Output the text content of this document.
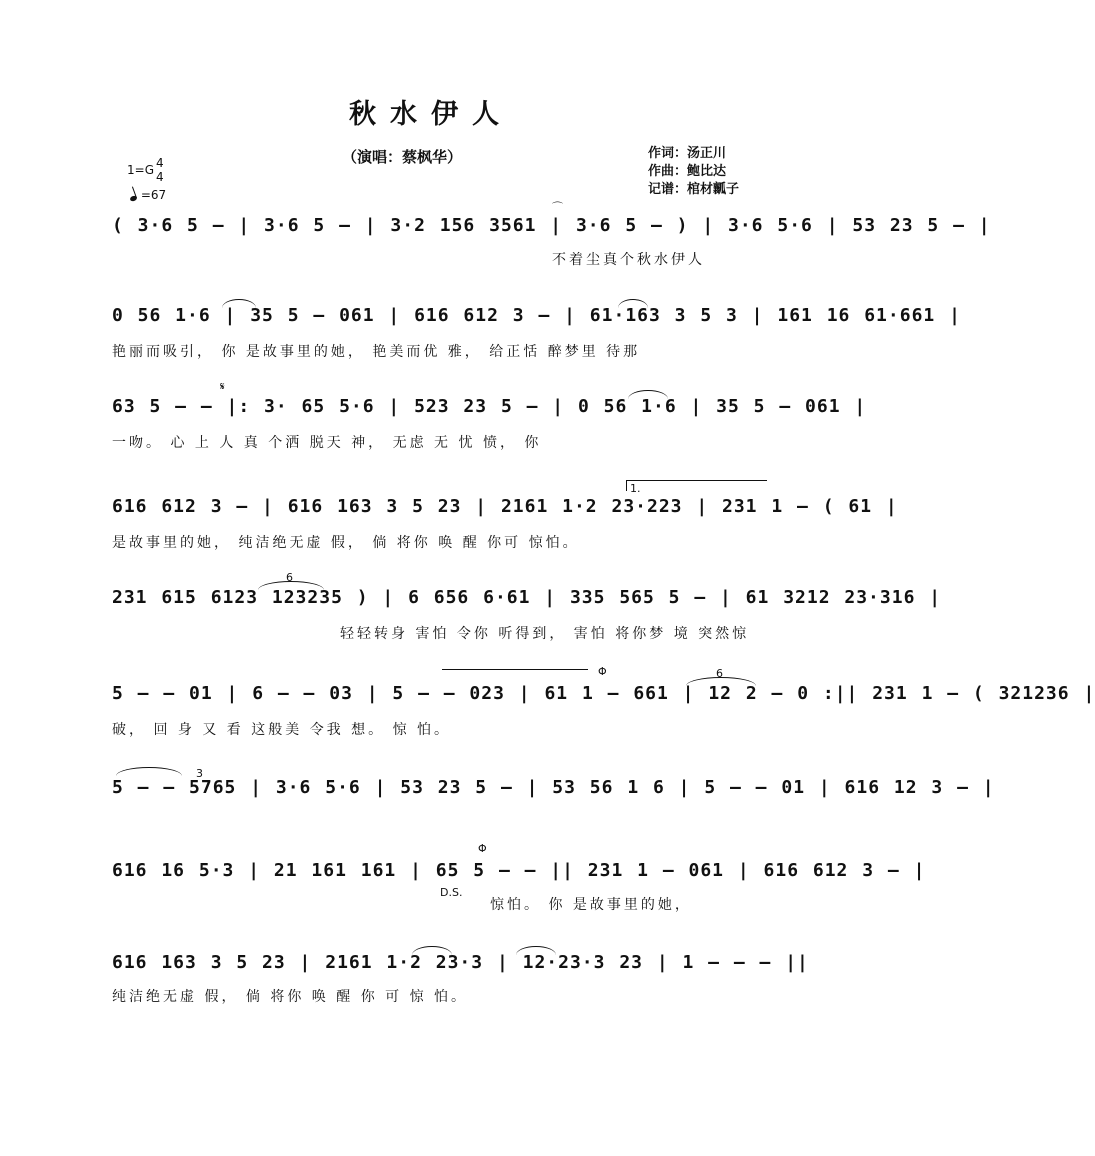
秋水伊人
（演唱：蔡枫华）	作词：汤正川
作曲：鲍比达
记谱：棺材瓤子
1=G 4
4
=67
( 3·6 5 – | 3·6 5 – | 3·2 156 3561 | 3·6 5 – ) | 3·6 5·6 | 53 23 5 – |
不着尘真个秋水伊人
⌒
0 56 1·6 | 35 5 – 061 | 616 612 3 – | 61·163 3 5 3 | 161 16 61·661 |
艳丽而吸引， 你 是故事里的她， 艳美而优 雅， 给正恬 醉梦里 待那
63 5 – – |: 3· 65 5·6 | 523 23 5 – | 0 56 1·6 | 35 5 – 061 |
一吻。 心 上 人 真 个洒 脱天 神， 无虑 无 忧 愤， 你
𝄋
616 612 3 – | 616 163 3 5 23 | 2161 1·2 23·223 | 231 1 – ( 61 |
是故事里的她， 纯洁绝无虚 假， 倘 将你 唤 醒 你可 惊怕。
1.
231 615 6123 123235 ) | 6 656 6·61 | 335 565 5 – | 61 3212 23·316 |
轻轻转身 害怕 令你 听得到， 害怕 将你梦 境 突然惊
6
5 – – 01 | 6 – – 03 | 5 – – 023 | 61 1 – 661 | 12 2 – 0 :|| 231 1 – ( 321236 |
破， 回 身 又 看 这般美 令我 想。 惊 怕。
Φ	6
5 – – 5765 | 3·6 5·6 | 53 23 5 – | 53 56 1 6 | 5 – – 01 | 616 12 3 – |
3
616 16 5·3 | 21 161 161 | 65 5 – – || 231 1 – 061 | 616 612 3 – |
惊怕。 你 是故事里的她，
D.S.
Φ
616 163 3 5 23 | 2161 1·2 23·3 | 12·23·3 23 | 1 – – – ||
纯洁绝无虚 假， 倘 将你 唤 醒 你 可 惊 怕。
